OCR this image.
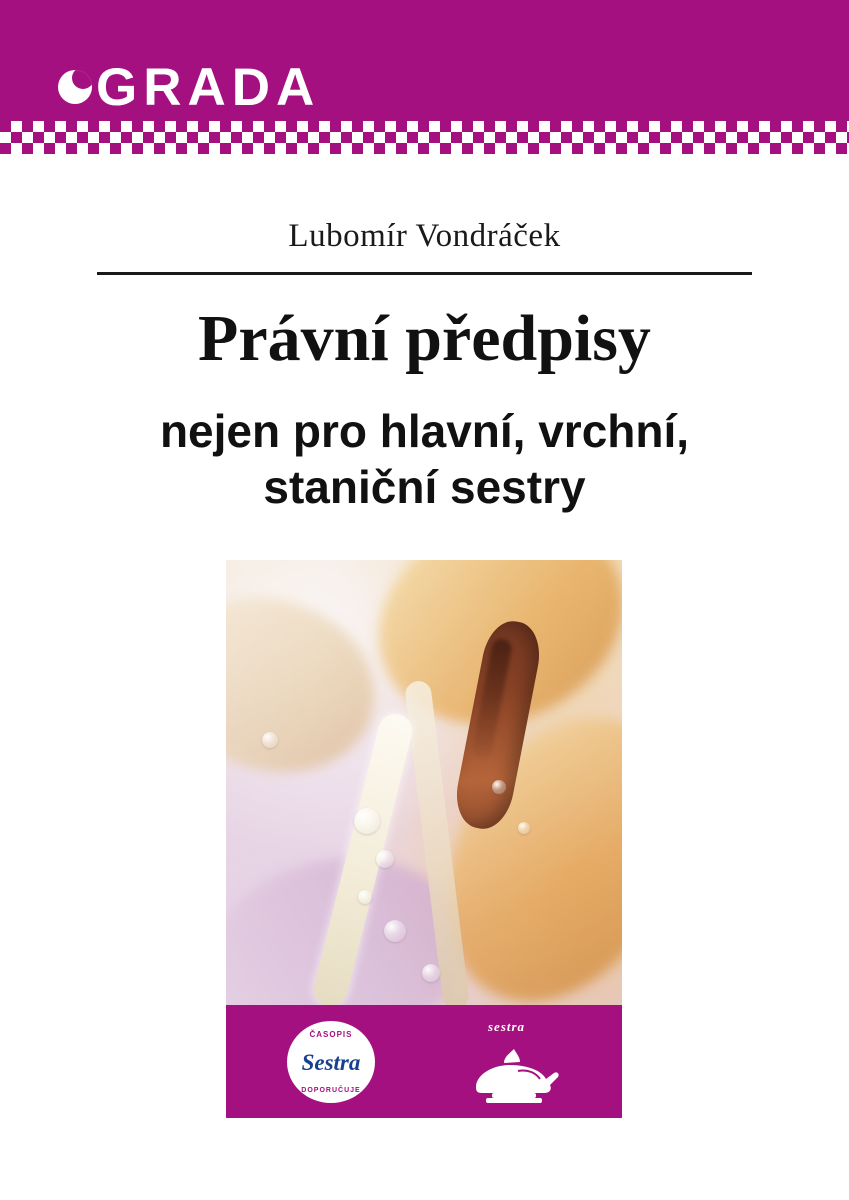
GRADA
Lubomír Vondráček
Právní předpisy
nejen pro hlavní, vrchní,
staniční sestry
ČASOPIS
Sestra
DOPORUČUJE
sestra
